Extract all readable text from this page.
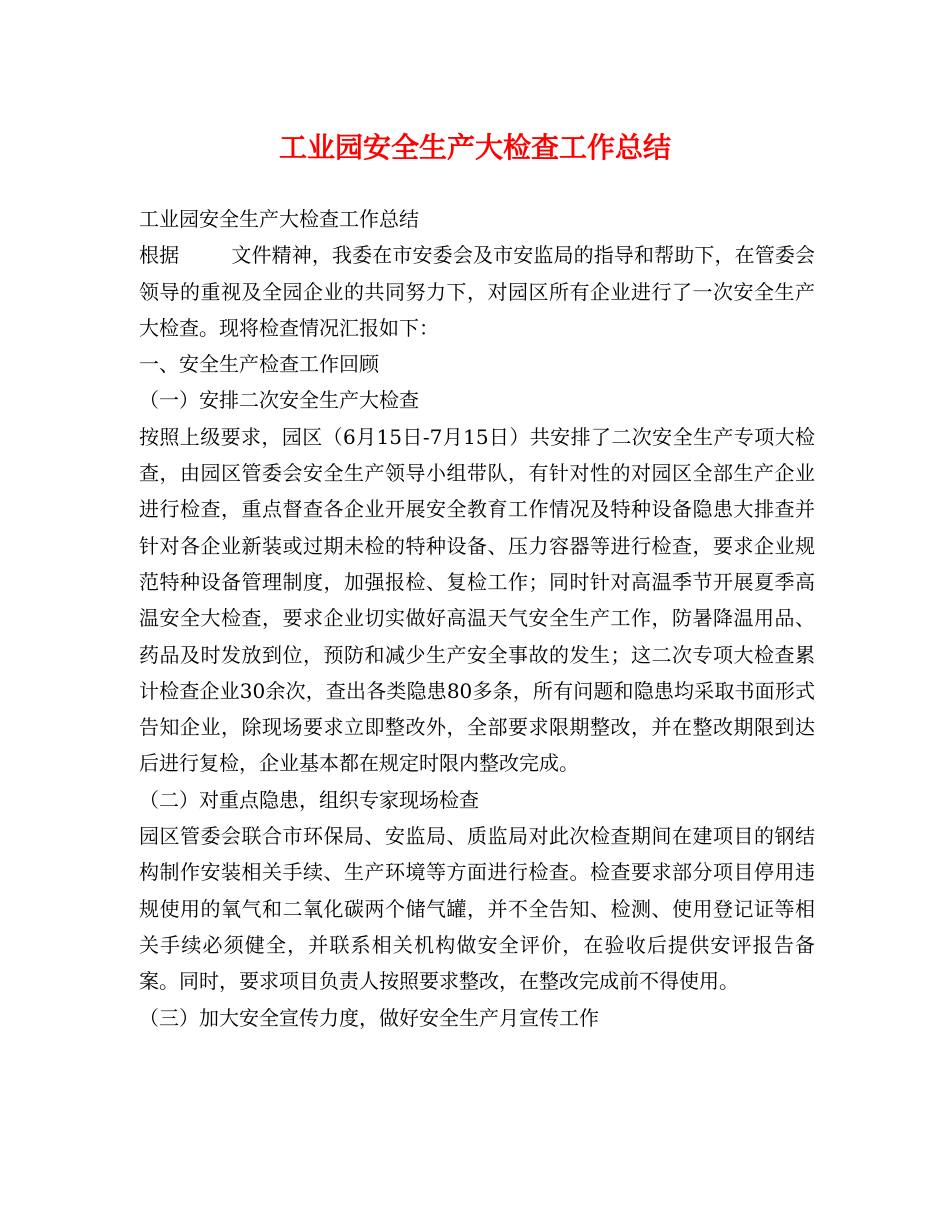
工业园安全生产大检查工作总结

工业园安全生产大检查工作总结

根据	文件精神，我委在市安委会及市安监局的指导和帮助下，在管委会领导的重视及全园企业的共同努力下，对园区所有企业进行了一次安全生产大检查。现将检查情况汇报如下：

一、安全生产检查工作回顾

（一）安排二次安全生产大检查

按照上级要求，园区（6月15日-7月15日）共安排了二次安全生产专项大检查，由园区管委会安全生产领导小组带队，有针对性的对园区全部生产企业进行检查，重点督查各企业开展安全教育工作情况及特种设备隐患大排查并针对各企业新装或过期未检的特种设备、压力容器等进行检查，要求企业规范特种设备管理制度，加强报检、复检工作；同时针对高温季节开展夏季高温安全大检查，要求企业切实做好高温天气安全生产工作，防暑降温用品、药品及时发放到位，预防和减少生产安全事故的发生；这二次专项大检查累计检查企业30余次，查出各类隐患80多条，所有问题和隐患均采取书面形式告知企业，除现场要求立即整改外，全部要求限期整改，并在整改期限到达后进行复检，企业基本都在规定时限内整改完成。

（二）对重点隐患，组织专家现场检查

园区管委会联合市环保局、安监局、质监局对此次检查期间在建项目的钢结构制作安装相关手续、生产环境等方面进行检查。检查要求部分项目停用违规使用的氧气和二氧化碳两个储气罐，并不全告知、检测、使用登记证等相关手续必须健全，并联系相关机构做安全评价，在验收后提供安评报告备案。同时，要求项目负责人按照要求整改，在整改完成前不得使用。

（三）加大安全宣传力度，做好安全生产月宣传工作
